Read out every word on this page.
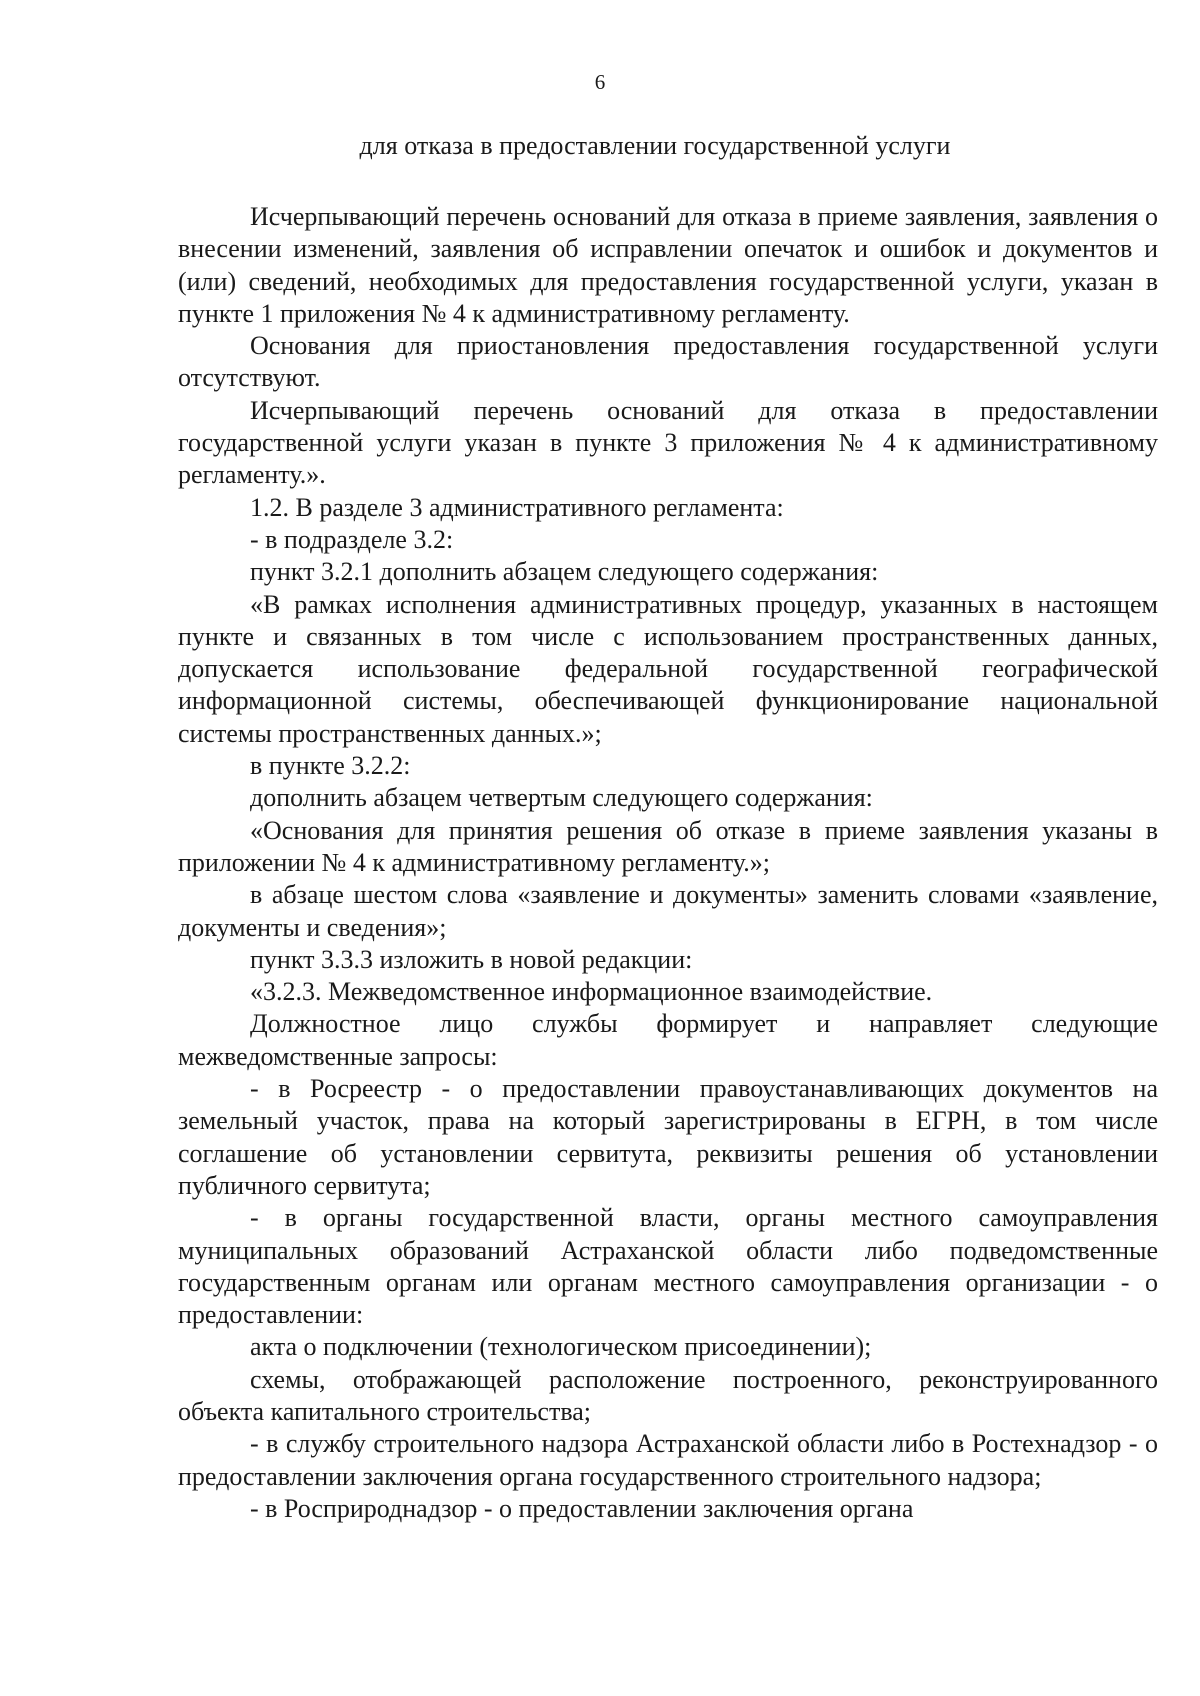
6
для отказа в предоставлении государственной услуги

Исчерпывающий перечень оснований для отказа в приеме заявления, заявления о внесении изменений, заявления об исправлении опечаток и ошибок и документов и (или) сведений, необходимых для предоставления государственной услуги, указан в пункте 1 приложения № 4 к административному регламенту.

Основания для приостановления предоставления государственной услуги отсутствуют.

Исчерпывающий перечень оснований для отказа в предоставлении государственной услуги указан в пункте 3 приложения № 4 к административному регламенту.».

1.2. В разделе 3 административного регламента:

- в подразделе 3.2:

пункт 3.2.1 дополнить абзацем следующего содержания:

«В рамках исполнения административных процедур, указанных в настоящем пункте и связанных в том числе с использованием пространственных данных, допускается использование федеральной государственной географической информационной системы, обеспечивающей функционирование национальной системы пространственных данных.»;

в пункте 3.2.2:

дополнить абзацем четвертым следующего содержания:

«Основания для принятия решения об отказе в приеме заявления указаны в приложении № 4 к административному регламенту.»;

в абзаце шестом слова «заявление и документы» заменить словами «заявление, документы и сведения»;

пункт 3.3.3 изложить в новой редакции:

«3.2.3. Межведомственное информационное взаимодействие.

Должностное лицо службы формирует и направляет следующие межведомственные запросы:

- в Росреестр - о предоставлении правоустанавливающих документов на земельный участок, права на который зарегистрированы в ЕГРН, в том числе соглашение об установлении сервитута, реквизиты решения об установлении публичного сервитута;

- в органы государственной власти, органы местного самоуправления муниципальных образований Астраханской области либо подведомственные государственным органам или органам местного самоуправления организации - о предоставлении:

акта о подключении (технологическом присоединении);

схемы, отображающей расположение построенного, реконструированного объекта капитального строительства;

- в службу строительного надзора Астраханской области либо в Ростехнадзор - о предоставлении заключения органа государственного строительного надзора;

- в Росприроднадзор - о предоставлении заключения органа
